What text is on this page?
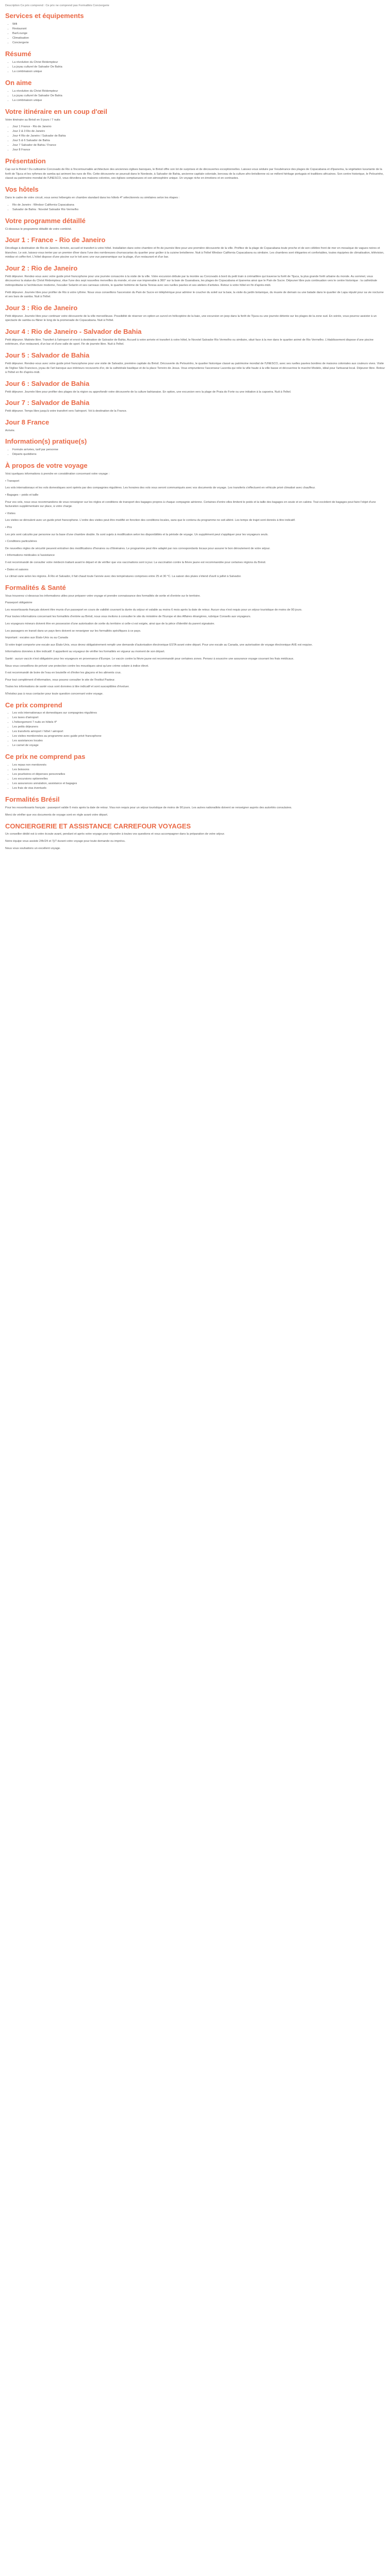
Description Ce prix comprend : Ce prix ne comprend pas Formalités Conciergerie
Services et équipements
• Wifi
• Restaurant
• Bar/Lounge
• Climatisation
• Conciergerie
Résumé
• La révolution du Christ Rédempteur
• La joyau culturel de Salvador De Bahia
• La combinaison unique
On aime
• La révolution du Christ Rédempteur
• La joyau culturel de Salvador De Bahia
• La combinaison unique
Votre itinéraire en un coup d'œil

Votre itinéraire au Brésil en 9 jours / 7 nuits

• Jour 1 France - Rio de Janeiro
• Jour 2 & 3 Rio de Janeiro
• Jour 4 Rio de Janeiro / Salvador de Bahia
• Jour 5 & 6 Salvador de Bahia
• Jour 7 Salvador de Bahia / France
• Jour 8 France
Présentation

Cap sur le Brésil ! Du cultissime Corcovado de Rio à l'incontournable architecture des anciennes églises baroques, le Brésil offre son lot de surprises et de découvertes exceptionnelles. Laissez-vous séduire par l'exubérance des plages de Copacabana et d'Ipanema, la végétation luxuriante de la forêt de Tijuca et les rythmes de samba qui animent les rues de Rio. Cette découverte se poursuit dans le Nordeste, à Salvador de Bahia, ancienne capitale coloniale, berceau de la culture afro-brésilienne où se mêlent héritage portugais et traditions africaines. Son centre historique, le Pelourinho, classé au patrimoine mondial de l'UNESCO, vous dévoilera ses maisons colorées, ses églises somptueuses et son atmosphère unique. Un voyage riche en émotions et en contrastes.

Vos hôtels

Dans le cadre de votre circuit, vous serez hébergés en chambre standard dans les hôtels 4* sélectionnés ou similaires selon les étapes :

• Rio de Janeiro : Windsor California Copacabana
• Salvador de Bahia : Novotel Salvador Rio Vermelho
Votre programme détaillé

Ci-dessous le programme détaillé de votre combiné.

Jour 1 : France - Rio de Janeiro

Décollage à destination de Rio de Janeiro. Arrivée, accueil et transfert à votre hôtel. Installation dans votre chambre et fin de journée libre pour une première découverte de la ville. Profitez de la plage de Copacabana toute proche et de son célèbre front de mer en mosaïque de vagues noires et blanches. Le soir, laissez-vous tenter par un premier dîner dans l'une des nombreuses churrascarias du quartier pour goûter à la cuisine brésilienne. Nuit à l'hôtel Windsor California Copacabana ou similaire. Les chambres sont élégantes et confortables, toutes équipées de climatisation, télévision, minibar et coffre-fort. L'hôtel dispose d'une piscine sur le toit avec une vue panoramique sur la plage, d'un restaurant et d'un bar.

Jour 2 : Rio de Janeiro

Petit déjeuner. Rendez-vous avec votre guide privé francophone pour une journée consacrée à la visite de la ville. Votre excursion débute par la montée au Corcovado à bord du petit train à crémaillère qui traverse la forêt de Tijuca, la plus grande forêt urbaine du monde. Au sommet, vous découvrirez la statue du Christ Rédempteur, élue l'une des sept nouvelles merveilles du monde, et une vue imprenable à 360° sur la baie de Guanabara, les plages de Copacabana et Ipanema ainsi que le Pain de Sucre. Déjeuner libre puis continuation vers le centre historique : la cathédrale métropolitaine à l'architecture moderne, l'escalier Selarón et ses carreaux colorés, le quartier bohème de Santa Teresa avec ses ruelles pavées et ses ateliers d'artistes. Retour à votre hôtel en fin d'après-midi.

Petit déjeuner. Journée libre pour profiter de Rio à votre rythme. Nous vous conseillons l'ascension du Pain de Sucre en téléphérique pour admirer le coucher du soleil sur la baie, la visite du jardin botanique, du musée de demain ou une balade dans le quartier de Lapa réputé pour sa vie nocturne et ses bars de samba. Nuit à l'hôtel.

Jour 3 : Rio de Janeiro

Petit déjeuner. Journée libre pour continuer votre découverte de la ville merveilleuse. Possibilité de réserver en option un survol en hélicoptère de la baie, une excursion en jeep dans la forêt de Tijuca ou une journée détente sur les plages de la zone sud. En soirée, vous pourrez assister à un spectacle de samba ou flâner le long de la promenade de Copacabana. Nuit à l'hôtel.

Jour 4 : Rio de Janeiro - Salvador de Bahia

Petit déjeuner. Matinée libre. Transfert à l'aéroport et envol à destination de Salvador de Bahia. Accueil à votre arrivée et transfert à votre hôtel, le Novotel Salvador Rio Vermelho ou similaire, situé face à la mer dans le quartier animé de Rio Vermelho. L'établissement dispose d'une piscine extérieure, d'un restaurant, d'un bar et d'une salle de sport. Fin de journée libre. Nuit à l'hôtel.

Jour 5 : Salvador de Bahia

Petit déjeuner. Rendez-vous avec votre guide privé francophone pour une visite de Salvador, première capitale du Brésil. Découverte du Pelourinho, le quartier historique classé au patrimoine mondial de l'UNESCO, avec ses ruelles pavées bordées de maisons coloniales aux couleurs vives. Visite de l'église São Francisco, joyau de l'art baroque aux intérieurs recouverts d'or, de la cathédrale basilique et de la place Terreiro de Jesus. Vous emprunterez l'ascenseur Lacerda qui relie la ville haute à la ville basse et découvrirez le marché Modelo, idéal pour l'artisanat local. Déjeuner libre. Retour à l'hôtel en fin d'après-midi.

Jour 6 : Salvador de Bahia

Petit déjeuner. Journée libre pour profiter des plages de la région ou approfondir votre découverte de la culture bahianaise. En option, une excursion vers la plage de Praia do Forte ou une initiation à la capoeira. Nuit à l'hôtel.

Jour 7 : Salvador de Bahia

Petit déjeuner. Temps libre jusqu'à votre transfert vers l'aéroport. Vol à destination de la France.

Jour 8 France

Arrivée.

Information(s) pratique(s)
• Formule arrivées, tarif par personne
• Départs quotidiens
À propos de votre voyage

Voici quelques informations à prendre en considération concernant votre voyage :

• Transport

Les vols internationaux et les vols domestiques sont opérés par des compagnies régulières. Les horaires des vols vous seront communiqués avec vos documents de voyage. Les transferts s'effectuent en véhicule privé climatisé avec chauffeur.

• Bagages – poids et taille

Pour vos vols, nous vous recommandons de vous renseigner sur les règles et conditions de transport des bagages propres à chaque compagnie aérienne. Certaines d'entre elles limitent le poids et la taille des bagages en soute et en cabine. Tout excédent de bagages peut faire l'objet d'une facturation supplémentaire sur place, à votre charge.

• Visites

Les visites se déroulent avec un guide privé francophone. L'ordre des visites peut être modifié en fonction des conditions locales, sans que le contenu du programme ne soit altéré. Les temps de trajet sont donnés à titre indicatif.

• Prix

Les prix sont calculés par personne sur la base d'une chambre double. Ils sont sujets à modification selon les disponibilités et la période de voyage. Un supplément peut s'appliquer pour les voyageurs seuls.

• Conditions particulières

De nouvelles règles de sécurité peuvent entraîner des modifications d'horaires ou d'itinéraires. Le programme peut être adapté par nos correspondants locaux pour assurer le bon déroulement de votre séjour.

• Informations médicales à l'assistance

Il est recommandé de consulter votre médecin traitant avant le départ et de vérifier que vos vaccinations sont à jour. La vaccination contre la fièvre jaune est recommandée pour certaines régions du Brésil.

• Dates et saisons

Le climat varie selon les régions. À Rio et Salvador, il fait chaud toute l'année avec des températures comprises entre 25 et 30 °C. La saison des pluies s'étend d'avril à juillet à Salvador.

Formalités & Santé

Vous trouverez ci-dessous les informations utiles pour préparer votre voyage et prendre connaissance des formalités de sortie et d'entrée sur le territoire.

Passeport obligatoire

Les ressortissants français doivent être munis d'un passeport en cours de validité couvrant la durée du séjour et valable au moins 6 mois après la date de retour. Aucun visa n'est requis pour un séjour touristique de moins de 90 jours.

Pour toutes informations concernant les formalités d'entrée au Brésil, nous vous invitons à consulter le site du ministère de l'Europe et des Affaires étrangères, rubrique Conseils aux voyageurs.

Les voyageurs mineurs doivent être en possession d'une autorisation de sortie du territoire si celle-ci est exigée, ainsi que de la pièce d'identité du parent signataire.

Les passagers en transit dans un pays tiers doivent se renseigner sur les formalités spécifiques à ce pays.

Important : escales aux États-Unis ou au Canada

Si votre trajet comporte une escale aux États-Unis, vous devez obligatoirement remplir une demande d'autorisation électronique ESTA avant votre départ. Pour une escale au Canada, une autorisation de voyage électronique AVE est requise.

Informations données à titre indicatif. Il appartient au voyageur de vérifier les formalités en vigueur au moment de son départ.

Santé : aucun vaccin n'est obligatoire pour les voyageurs en provenance d'Europe. Le vaccin contre la fièvre jaune est recommandé pour certaines zones. Pensez à souscrire une assurance voyage couvrant les frais médicaux.

Nous vous conseillons de prévoir une protection contre les moustiques ainsi qu'une crème solaire à indice élevé.

Il est recommandé de boire de l'eau en bouteille et d'éviter les glaçons et les aliments crus.

Pour tout complément d'information, vous pouvez consulter le site de l'Institut Pasteur.

Toutes les informations de santé vous sont données à titre indicatif et sont susceptibles d'évoluer.

N'hésitez pas à nous contacter pour toute question concernant votre voyage.

Ce prix comprend
• Les vols internationaux et domestiques sur compagnies régulières
• Les taxes d'aéroport
• L'hébergement 7 nuits en hôtels 4*
• Les petits déjeuners
• Les transferts aéroport / hôtel / aéroport
• Les visites mentionnées au programme avec guide privé francophone
• Les assistances locales
• Le carnet de voyage
Ce prix ne comprend pas
• Les repas non mentionnés
• Les boissons
• Les pourboires et dépenses personnelles
• Les excursions optionnelles
• Les assurances annulation, assistance et bagages
• Les frais de visa éventuels
Formalités Brésil

Pour les ressortissants français : passeport valide 6 mois après la date de retour. Visa non requis pour un séjour touristique de moins de 90 jours. Les autres nationalités doivent se renseigner auprès des autorités consulaires.

Merci de vérifier que vos documents de voyage sont en règle avant votre départ.

CONCIERGERIE ET ASSISTANCE CARREFOUR VOYAGES

Un conseiller dédié est à votre écoute avant, pendant et après votre voyage pour répondre à toutes vos questions et vous accompagner dans la préparation de votre séjour.

Notre équipe vous assiste 24h/24 et 7j/7 durant votre voyage pour toute demande ou imprévu.

Nous vous souhaitons un excellent voyage.
